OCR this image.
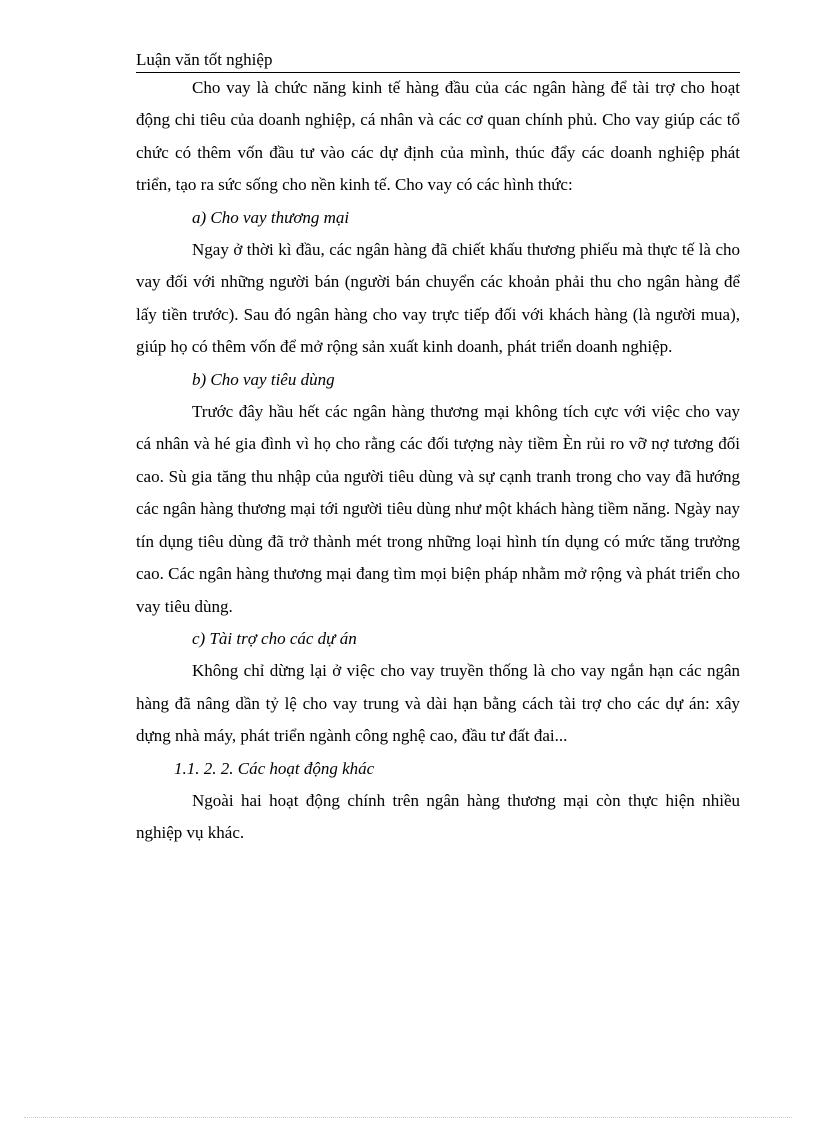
Luận văn tốt nghiệp

Cho vay là chức năng kinh tế hàng đầu của các ngân hàng để tài trợ cho hoạt động chi tiêu của doanh nghiệp, cá nhân và các cơ quan chính phủ. Cho vay giúp các tổ chức có thêm vốn đầu tư vào các dự định của mình, thúc đẩy các doanh nghiệp phát triển, tạo ra sức sống cho nền kinh tế. Cho vay có các hình thức:

a) Cho vay thương mại

Ngay ở thời kì đầu, các ngân hàng đã chiết khấu thương phiếu mà thực tế là cho vay đối với những người bán (người bán chuyển các khoản phải thu cho ngân hàng để lấy tiền trước). Sau đó ngân hàng cho vay trực tiếp đối với khách hàng (là người mua), giúp họ có thêm vốn để mở rộng sản xuất kinh doanh, phát triển doanh nghiệp.

b) Cho vay tiêu dùng

Trước đây hầu hết các ngân hàng thương mại không tích cực với việc cho vay cá nhân và hé gia đình vì họ cho rằng các đối tượng này tiềm Èn rủi ro vỡ nợ tương đối cao. Sù gia tăng thu nhập của người tiêu dùng và sự cạnh tranh trong cho vay đã hướng các ngân hàng thương mại tới người tiêu dùng như một khách hàng tiềm năng. Ngày nay tín dụng tiêu dùng đã trở thành mét trong những loại hình tín dụng có mức tăng trưởng cao. Các ngân hàng thương mại đang tìm mọi biện pháp nhằm mở rộng và phát triển cho vay tiêu dùng.

c) Tài trợ cho các dự án

Không chỉ dừng lại ở việc cho vay truyền thống là cho vay ngắn hạn các ngân hàng đã nâng dần tỷ lệ cho vay trung và dài hạn bằng cách tài trợ cho các dự án: xây dựng nhà máy, phát triển ngành công nghệ cao, đầu tư đất đai...

1.1. 2. 2. Các hoạt động khác

Ngoài hai hoạt động chính trên ngân hàng thương mại còn thực hiện nhiều nghiệp vụ khác.
